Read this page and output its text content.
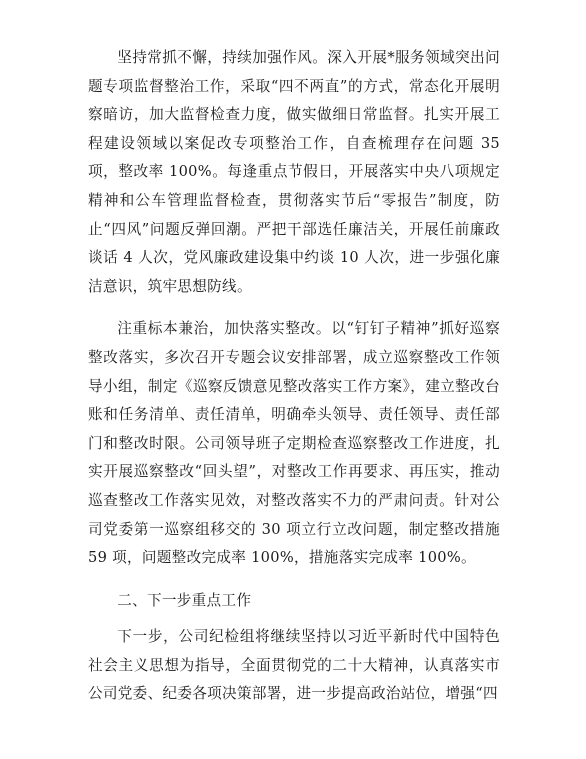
坚持常抓不懈，持续加强作风。深入开展*服务领域突出问题专项监督整治工作，采取“四不两直”的方式，常态化开展明察暗访，加大监督检查力度，做实做细日常监督。扎实开展工程建设领域以案促改专项整治工作，自查梳理存在问题 35 项，整改率 100%。每逢重点节假日，开展落实中央八项规定精神和公车管理监督检查，贯彻落实节后“零报告”制度，防止“四风”问题反弹回潮。严把干部选任廉洁关，开展任前廉政谈话 4 人次，党风廉政建设集中约谈 10 人次，进一步强化廉洁意识，筑牢思想防线。

注重标本兼治，加快落实整改。以“钉钉子精神”抓好巡察整改落实，多次召开专题会议安排部署，成立巡察整改工作领导小组，制定《巡察反馈意见整改落实工作方案》，建立整改台账和任务清单、责任清单，明确牵头领导、责任领导、责任部门和整改时限。公司领导班子定期检查巡察整改工作进度，扎实开展巡察整改“回头望”，对整改工作再要求、再压实，推动巡查整改工作落实见效，对整改落实不力的严肃问责。针对公司党委第一巡察组移交的 30 项立行立改问题，制定整改措施 59 项，问题整改完成率 100%，措施落实完成率 100%。

二、下一步重点工作

下一步，公司纪检组将继续坚持以习近平新时代中国特色社会主义思想为指导，全面贯彻党的二十大精神，认真落实市公司党委、纪委各项决策部署，进一步提高政治站位，增强“四
